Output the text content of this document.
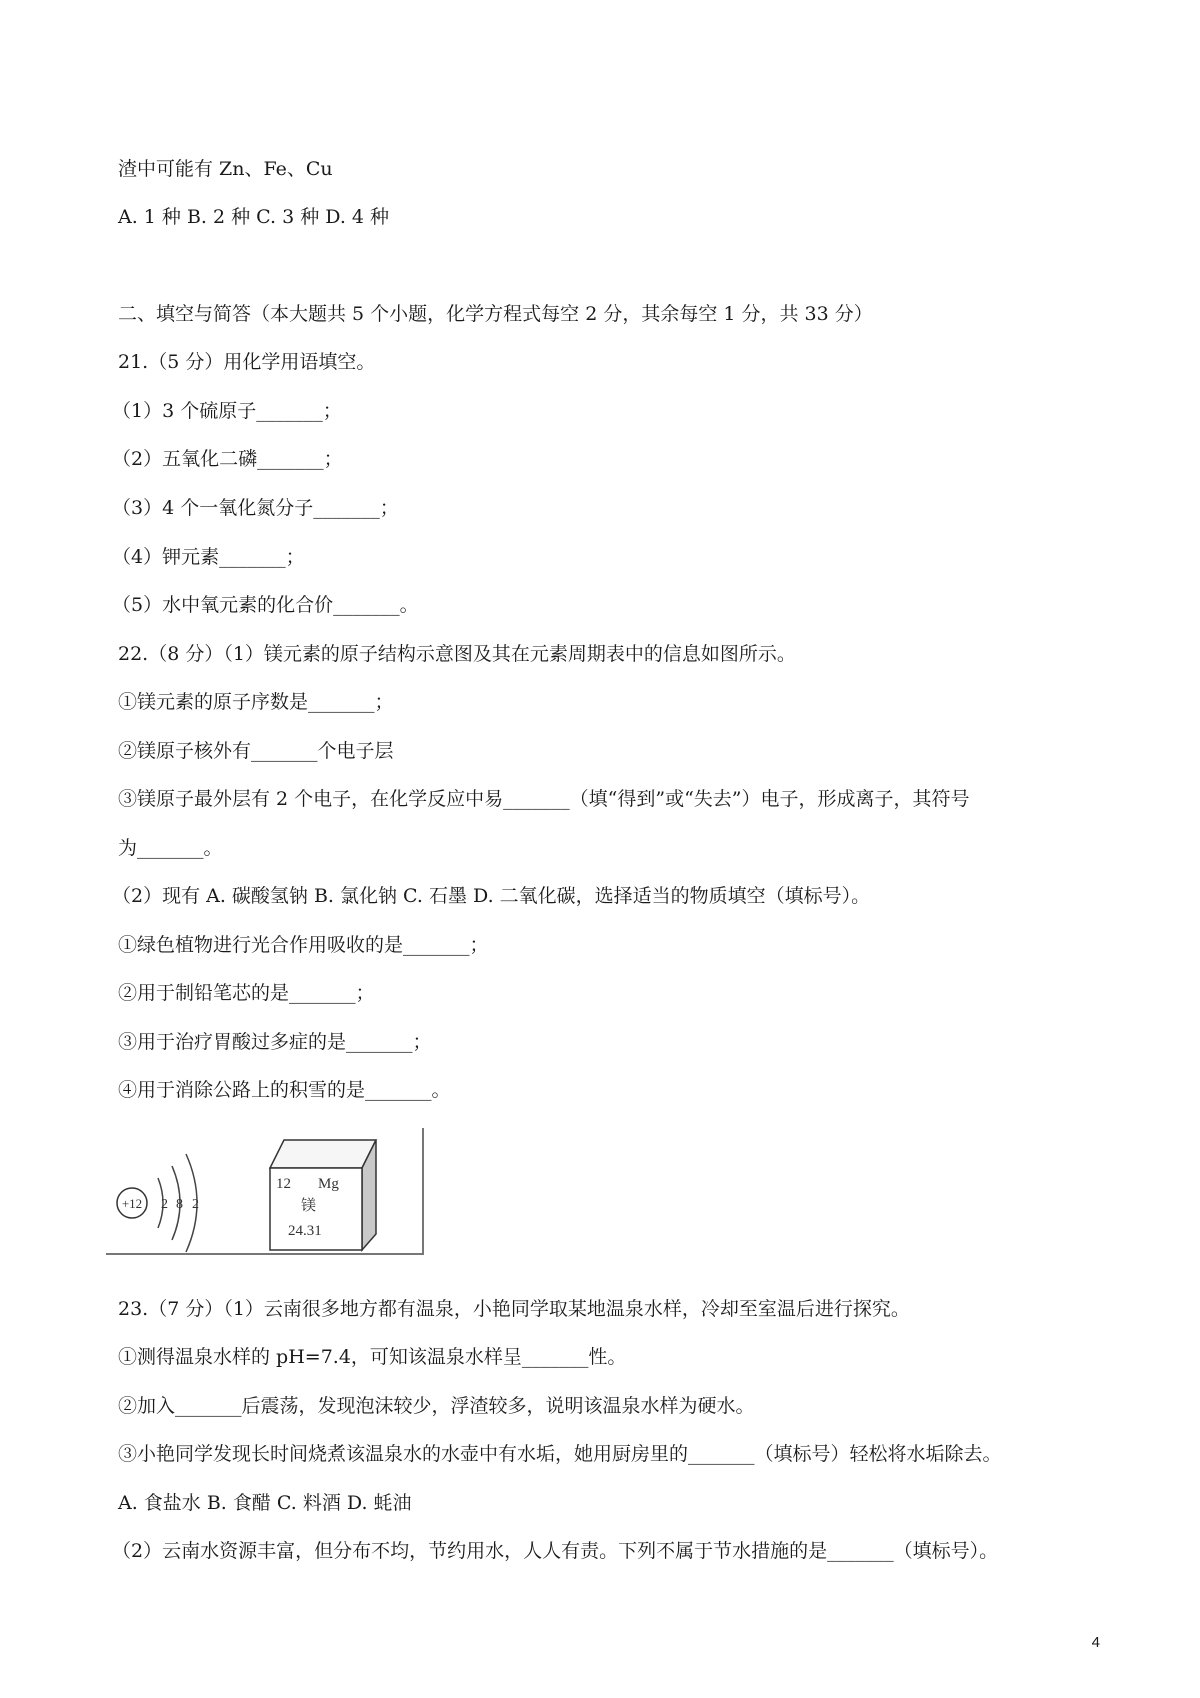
渣中可能有 Zn、Fe、Cu
A. 1 种 B. 2 种 C. 3 种 D. 4 种
二、填空与简答（本大题共 5 个小题，化学方程式每空 2 分，其余每空 1 分，共 33 分）
21.（5 分）用化学用语填空。
（1）3 个硫原子_______；
（2）五氧化二磷_______；
（3）4 个一氧化氮分子_______；
（4）钾元素_______；
（5）水中氧元素的化合价_______。
22.（8 分）（1）镁元素的原子结构示意图及其在元素周期表中的信息如图所示。
①镁元素的原子序数是_______；
②镁原子核外有_______个电子层
③镁原子最外层有 2 个电子，在化学反应中易_______（填“得到”或“失去”）电子，形成离子，其符号
为_______。
（2）现有 A. 碳酸氢钠 B. 氯化钠 C. 石墨 D. 二氧化碳，选择适当的物质填空（填标号）。
①绿色植物进行光合作用吸收的是_______；
②用于制铅笔芯的是_______；
③用于治疗胃酸过多症的是_______；
④用于消除公路上的积雪的是_______。
+12 2 8 2
12 Mg
镁
24.31
23.（7 分）（1）云南很多地方都有温泉，小艳同学取某地温泉水样，冷却至室温后进行探究。
①测得温泉水样的 pH=7.4，可知该温泉水样呈_______性。
②加入_______后震荡，发现泡沫较少，浮渣较多，说明该温泉水样为硬水。
③小艳同学发现长时间烧煮该温泉水的水壶中有水垢，她用厨房里的_______（填标号）轻松将水垢除去。
A. 食盐水 B. 食醋 C. 料酒 D. 蚝油
（2）云南水资源丰富，但分布不均，节约用水，人人有责。下列不属于节水措施的是_______（填标号）。
4
